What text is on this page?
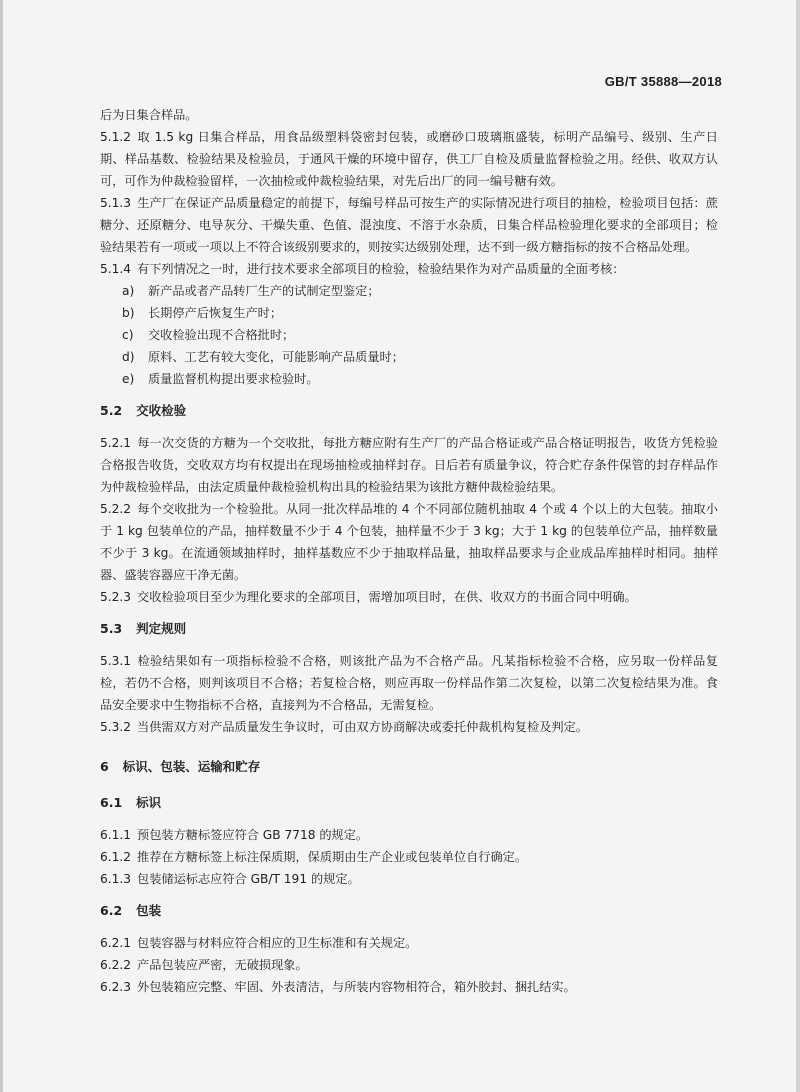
GB/T 35888—2018

后为日集合样品。

5.1.2 取 1.5 kg 日集合样品，用食品级塑料袋密封包装，或磨砂口玻璃瓶盛装，标明产品编号、级别、生产日期、样品基数、检验结果及检验员，于通风干燥的环境中留存，供工厂自检及质量监督检验之用。经供、收双方认可，可作为仲裁检验留样，一次抽检或仲裁检验结果，对先后出厂的同一编号糖有效。

5.1.3 生产厂在保证产品质量稳定的前提下，每编号样品可按生产的实际情况进行项目的抽检，检验项目包括：蔗糖分、还原糖分、电导灰分、干燥失重、色值、混浊度、不溶于水杂质，日集合样品检验理化要求的全部项目；检验结果若有一项或一项以上不符合该级别要求的，则按实达级别处理，达不到一级方糖指标的按不合格品处理。

5.1.4 有下列情况之一时，进行技术要求全部项目的检验，检验结果作为对产品质量的全面考核：

a)	新产品或者产品转厂生产的试制定型鉴定；
b)	长期停产后恢复生产时；
c)	交收检验出现不合格批时；
d)	原料、工艺有较大变化，可能影响产品质量时；
e)	质量监督机构提出要求检验时。
5.2 交收检验

5.2.1 每一次交货的方糖为一个交收批，每批方糖应附有生产厂的产品合格证或产品合格证明报告，收货方凭检验合格报告收货，交收双方均有权提出在现场抽检或抽样封存。日后若有质量争议，符合贮存条件保管的封存样品作为仲裁检验样品，由法定质量仲裁检验机构出具的检验结果为该批方糖仲裁检验结果。

5.2.2 每个交收批为一个检验批。从同一批次样品堆的 4 个不同部位随机抽取 4 个或 4 个以上的大包装。抽取小于 1 kg 包装单位的产品，抽样数量不少于 4 个包装，抽样量不少于 3 kg；大于 1 kg 的包装单位产品，抽样数量不少于 3 kg。在流通领域抽样时，抽样基数应不少于抽取样品量，抽取样品要求与企业成品库抽样时相同。抽样器、盛装容器应干净无菌。

5.2.3 交收检验项目至少为理化要求的全部项目，需增加项目时，在供、收双方的书面合同中明确。

5.3 判定规则

5.3.1 检验结果如有一项指标检验不合格，则该批产品为不合格产品。凡某指标检验不合格，应另取一份样品复检，若仍不合格，则判该项目不合格；若复检合格，则应再取一份样品作第二次复检，以第二次复检结果为准。食品安全要求中生物指标不合格，直接判为不合格品，无需复检。

5.3.2 当供需双方对产品质量发生争议时，可由双方协商解决或委托仲裁机构复检及判定。

6 标识、包装、运输和贮存
6.1 标识

6.1.1 预包装方糖标签应符合 GB 7718 的规定。

6.1.2 推荐在方糖标签上标注保质期，保质期由生产企业或包装单位自行确定。

6.1.3 包装储运标志应符合 GB/T 191 的规定。

6.2 包装

6.2.1 包装容器与材料应符合相应的卫生标准和有关规定。

6.2.2 产品包装应严密，无破损现象。

6.2.3 外包装箱应完整、牢固、外表清洁，与所装内容物相符合，箱外胶封、捆扎结实。
